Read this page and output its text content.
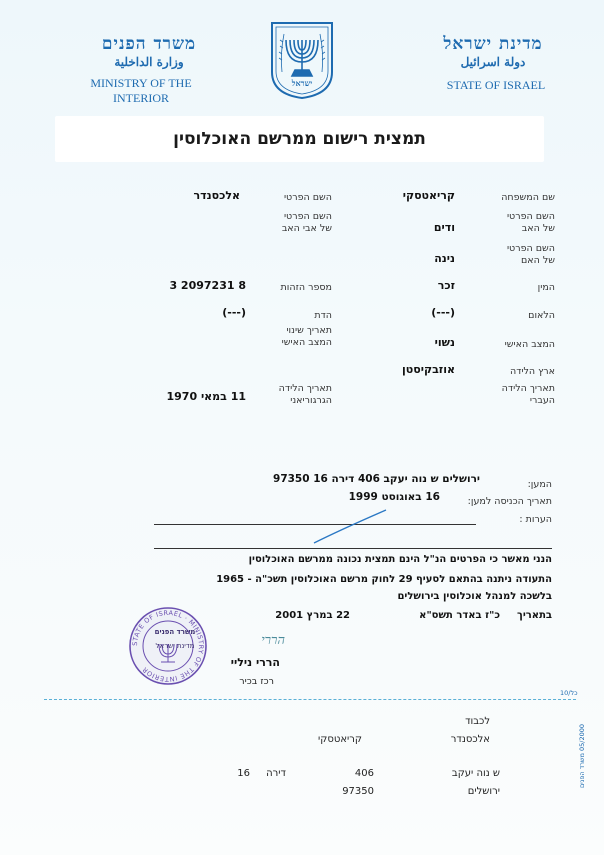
משרד הפנים
وزارة الداخلية
MINISTRY OF THE INTERIOR
מדינת ישראל
دولة اسرائيل
STATE OF ISRAEL
ישראל
תמצית רישום ממרשם האוכלוסין
שם המשפחה
קריאטסקי
השם הפרטי
של האב
ודים
השם הפרטי
של האם
נינה
המין
זכר
הלאום
(---)
המצב האישי
נשוי
ארץ הלידה
אוזבקיסטן
תאריך הלידה
העברי
השם הפרטי
אלכסנדר
השם הפרטי
של אבי האב
מספר הזהות
3 2097231 8
הדת
(---)
תאריך שינוי
המצב האישי
תאריך הלידה
הגרגוריאני
11 במאי 1970
המען:
ירושלים ש נוה יעקב 406 דירה 16 97350
תאריך הכניסה למען:
16 באוגוסט 1999
הערות :
הנני מאשר כי הפרטים הנ"ל הינם תמצית נכונה ממרשם האוכלוסין
התעודה ניתנה בהתאם לסעיף 29 לחוק מרשם האוכלוסין תשכ"ה - 1965
בלשכה למנהל אוכלוסין בירושלים
בתאריך
כ"ז באדר תשס"א
22 במרץ 2001
הררי
הררי ניליי
רכז בכיר
STATE OF ISRAEL · MINISTRY OF THE INTERIOR
משרד הפנים
מדינת ישראל
כל/10
05/2000 משרד הפנים
לכבוד
אלכסנדר
קריאטסקי
ש נוה יעקב
406
דירה
16
ירושלים
97350
